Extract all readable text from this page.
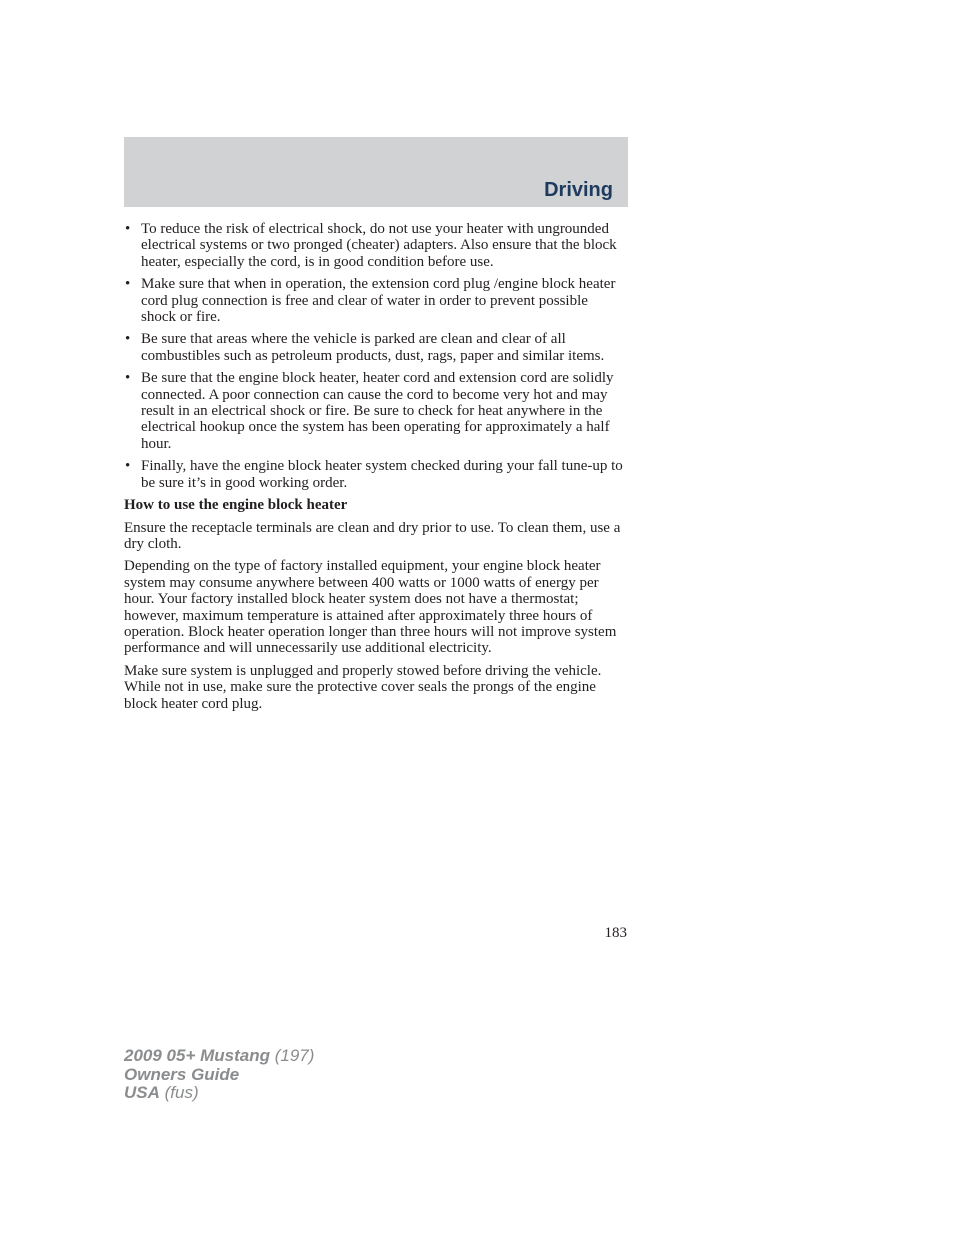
Driving
• To reduce the risk of electrical shock, do not use your heater with ungrounded electrical systems or two pronged (cheater) adapters. Also ensure that the block heater, especially the cord, is in good condition before use.
• Make sure that when in operation, the extension cord plug /engine block heater cord plug connection is free and clear of water in order to prevent possible shock or fire.
• Be sure that areas where the vehicle is parked are clean and clear of all combustibles such as petroleum products, dust, rags, paper and similar items.
• Be sure that the engine block heater, heater cord and extension cord are solidly connected. A poor connection can cause the cord to become very hot and may result in an electrical shock or fire. Be sure to check for heat anywhere in the electrical hookup once the system has been operating for approximately a half hour.
• Finally, have the engine block heater system checked during your fall tune-up to be sure it’s in good working order.

How to use the engine block heater

Ensure the receptacle terminals are clean and dry prior to use. To clean them, use a dry cloth.

Depending on the type of factory installed equipment, your engine block heater system may consume anywhere between 400 watts or 1000 watts of energy per hour. Your factory installed block heater system does not have a thermostat; however, maximum temperature is attained after approximately three hours of operation. Block heater operation longer than three hours will not improve system performance and will unnecessarily use additional electricity.

Make sure system is unplugged and properly stowed before driving the vehicle. While not in use, make sure the protective cover seals the prongs of the engine block heater cord plug.

183
2009 05+ Mustang (197)
Owners Guide
USA (fus)
